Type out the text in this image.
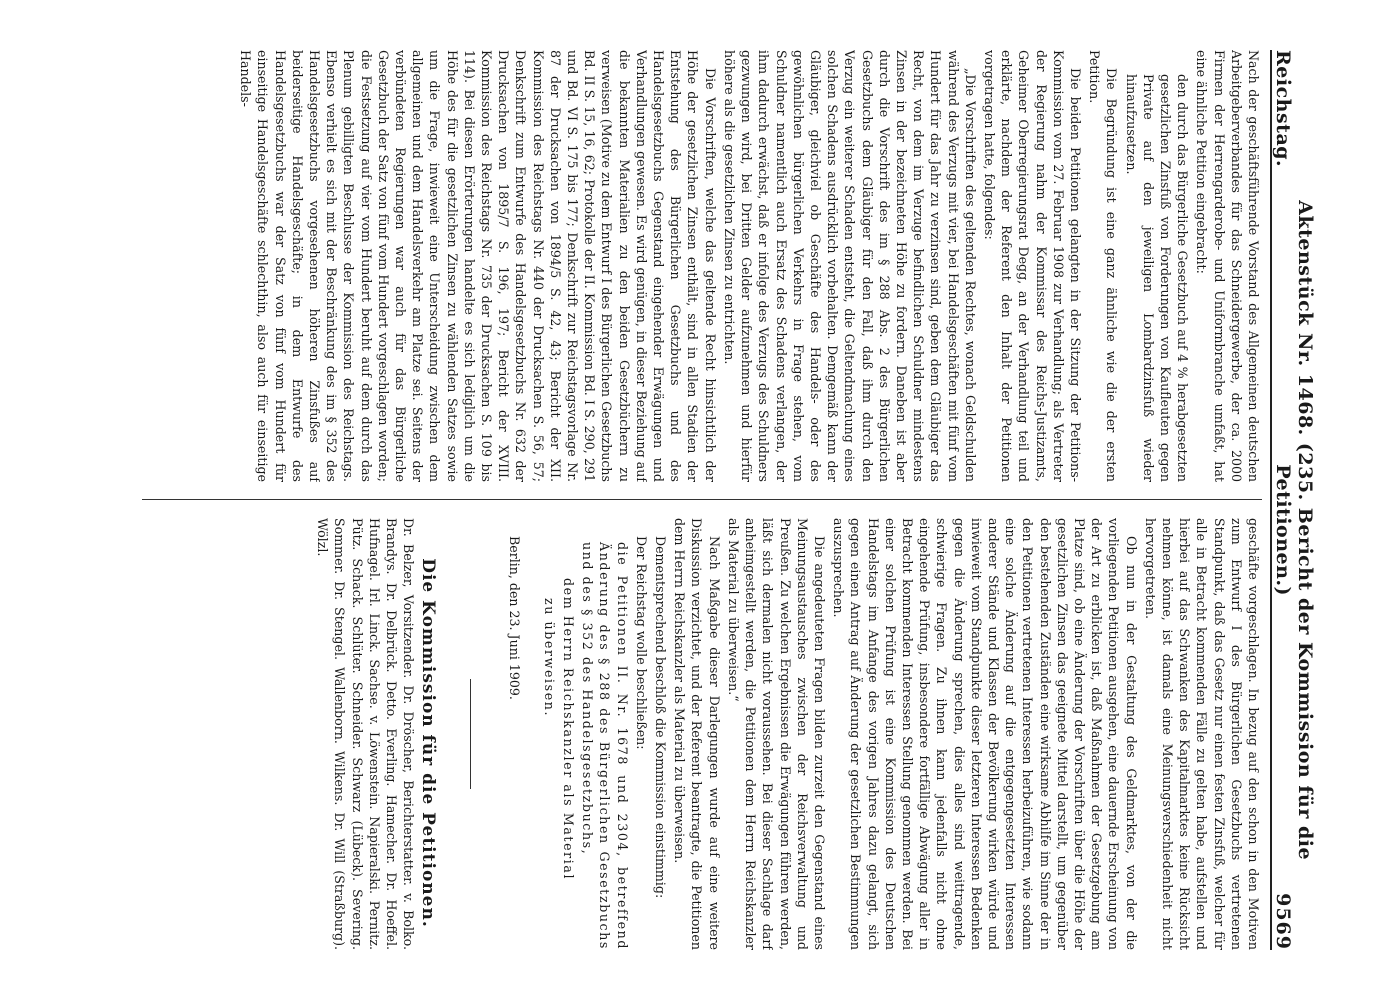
Reichstag.
Aktenstück Nr. 1468. (235. Bericht der Kommission für die Petitionen.)
9569

Nach der geschäftsführende Vorstand des Allgemeinen deutschen Arbeitgeberverbandes für das Schneidergewerbe, der ca. 2000 Firmen der Herrengarderobe- und Uniformbranche umfaßt, hat eine ähnliche Petition eingebracht:

den durch das Bürgerliche Gesetzbuch auf 4 % herabgesetzten gesetzlichen Zinsfuß von Forderungen von Kaufleuten gegen Private auf den jeweiligen Lombardzinsfuß wieder hinaufzusetzen.

Die Begründung ist eine ganz ähnliche wie die der ersten Petition.

Die beiden Petitionen gelangten in der Sitzung der Petitions-Kommission vom 27. Februar 1908 zur Verhandlung; als Vertreter der Regierung nahm der Kommissar des Reichs-Justizamts, Geheimer Oberregierungsrat Degg, an der Verhandlung teil und erklärte, nachdem der Referent den Inhalt der Petitionen vorgetragen hatte, folgendes:

„Die Vorschriften des geltenden Rechtes, wonach Geldschulden während des Verzugs mit vier, bei Handelsgeschäften mit fünf vom Hundert für das Jahr zu verzinsen sind, geben dem Gläubiger das Recht, von dem im Verzuge befindlichen Schuldner mindestens Zinsen in der bezeichneten Höhe zu fordern. Daneben ist aber durch die Vorschrift des im § 288 Abs. 2 des Bürgerlichen Gesetzbuchs dem Gläubiger für den Fall, daß ihm durch den Verzug ein weiterer Schaden entsteht, die Geltendmachung eines solchen Schadens ausdrücklich vorbehalten. Demgemäß kann der Gläubiger, gleichviel ob Geschäfte des Handels- oder des gewöhnlichen bürgerlichen Verkehrs in Frage stehen, vom Schuldner namentlich auch Ersatz des Schadens verlangen, der ihm dadurch erwächst, daß er infolge des Verzugs des Schuldners gezwungen wird, bei Dritten Gelder aufzunehmen und hierfür höhere als die gesetzlichen Zinsen zu entrichten.

Die Vorschriften, welche das geltende Recht hinsichtlich der Höhe der gesetzlichen Zinsen enthält, sind in allen Stadien der Entstehung des Bürgerlichen Gesetzbuchs und des Handelsgesetzbuchs Gegenstand eingehender Erwägungen und Verhandlungen gewesen. Es wird genügen, in dieser Beziehung auf die bekannten Materialien zu den beiden Gesetzbüchern zu verweisen (Motive zu dem Entwurf I des Bürgerlichen Gesetzbuchs Bd. II S. 15, 16, 62; Protokolle der II. Kommission Bd. I S. 290, 291 und Bd. VI S. 175 bis 177; Denkschrift zur Reichstagsvorlage Nr. 87 der Drucksachen von 1894/5 S. 42, 43; Bericht der XII. Kommission des Reichstags Nr. 440 der Drucksachen S. 56, 57; Denkschrift zum Entwurfe des Handelsgesetzbuchs Nr. 632 der Drucksachen von 1895/7 S. 196, 197; Bericht der XVIII. Kommission des Reichstags Nr. 735 der Drucksachen S. 109 bis 114). Bei diesen Erörterungen handelte es sich lediglich um die Höhe des für die gesetzlichen Zinsen zu wählenden Satzes sowie um die Frage, inwieweit eine Unterscheidung zwischen dem allgemeinen und dem Handelsverkehr am Platze sei. Seitens der verbündeten Regierungen war auch für das Bürgerliche Gesetzbuch der Satz von fünf vom Hundert vorgeschlagen worden; die Festsetzung auf vier vom Hundert beruht auf dem durch das Plenum gebilligten Beschlusse der Kommission des Reichstags. Ebenso verhielt es sich mit der Beschränkung des im § 352 des Handelsgesetzbuchs vorgesehenen höheren Zinsfußes auf beiderseitige Handelsgeschäfte; in dem Entwurfe des Handelsgesetzbuchs war der Satz von fünf vom Hundert für einseitige Handelsgeschäfte schlechthin, also auch für einseitige Handels-

geschäfte vorgeschlagen. In bezug auf den schon in den Motiven zum Entwurf I des Bürgerlichen Gesetzbuchs vertretenen Standpunkt, daß das Gesetz nur einen festen Zinsfuß, welcher für alle in Betracht kommenden Fälle zu gelten habe, aufstellen und hierbei auf das Schwanken des Kapitalmarktes keine Rücksicht nehmen könne, ist damals eine Meinungsverschiedenheit nicht hervorgetreten.

Ob nun in der Gestaltung des Geldmarktes, von der die vorliegenden Petitionen ausgehen, eine dauernde Erscheinung von der Art zu erblicken ist, daß Maßnahmen der Gesetzgebung am Platze sind, ob eine Änderung der Vorschriften über die Höhe der gesetzlichen Zinsen das geeignete Mittel darstellt, um gegenüber den bestehenden Zuständen eine wirksame Abhilfe im Sinne der in den Petitionen vertretenen Interessen herbeizuführen, wie sodann eine solche Änderung auf die entgegengesetzten Interessen anderer Stände und Klassen der Bevölkerung wirken würde und inwieweit vom Standpunkte dieser letzteren Interessen Bedenken gegen die Änderung sprechen, dies alles sind weittragende, schwierige Fragen. Zu ihnen kann jedenfalls nicht ohne eingehende Prüfung, insbesondere fortfällige Abwägung aller in Betracht kommenden Interessen Stellung genommen werden. Bei einer solchen Prüfung ist eine Kommission des Deutschen Handelstags im Anfange des vorigen Jahres dazu gelangt, sich gegen einen Antrag auf Änderung der gesetzlichen Bestimmungen auszusprechen.

Die angedeuteten Fragen bilden zurzeit den Gegenstand eines Meinungsaustausches zwischen der Reichsverwaltung und Preußen. Zu welchen Ergebnissen die Erwägungen führen werden, läßt sich dermalen nicht voraussehen. Bei dieser Sachlage darf anheimgestellt werden, die Petitionen dem Herrn Reichskanzler als Material zu überweisen.“

Nach Maßgabe dieser Darlegungen wurde auf eine weitere Diskussion verzichtet, und der Referent beantragte, die Petitionen dem Herrn Reichskanzler als Material zu überweisen.

Dementsprechend beschloß die Kommission einstimmig:

Der Reichstag wolle beschließen:

die Petitionen II. Nr. 1678 und 2304, betreffend Änderung des § 288 des Bürgerlichen Gesetzbuchs und des § 352 des Handelsgesetzbuchs,

dem Herrn Reichskanzler als Material

zu überweisen.

Berlin, den 23. Juni 1909.

Die Kommission für die Petitionen.

Dr. Belzer, Vorsitzender. Dr. Dröscher, Berichterstatter. v. Bolko. Brandys. Dr. Delbrück. Detto. Everling. Hamecher. Dr. Hoeffel. Hufnagel. Irl. Linck. Sachse. v. Löwenstein. Napieralski. Pernitz. Pütz. Schack. Schlüter. Schneider. Schwarz (Lübeck). Severing. Sommer. Dr. Stengel. Wallenborn. Wilkens. Dr. Will (Straßburg). Wölzl.
